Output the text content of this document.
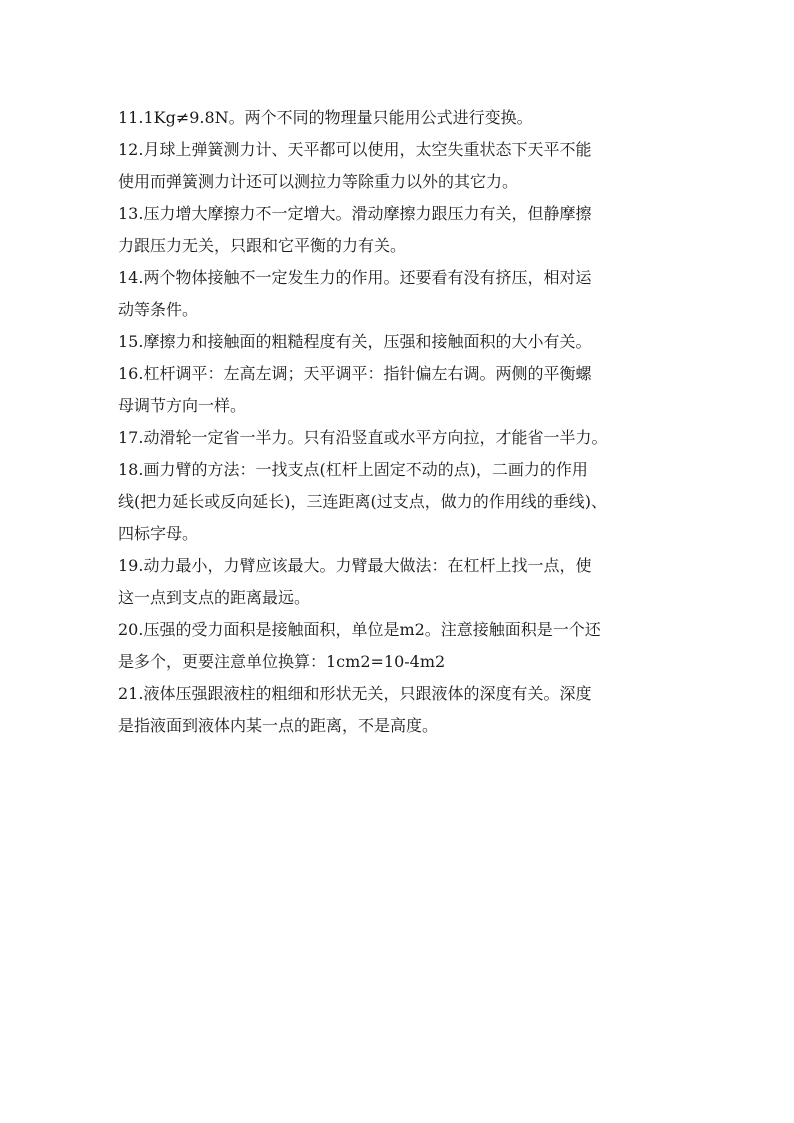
11.1Kg≠9.8N。两个不同的物理量只能用公式进行变换。
12.月球上弹簧测力计、天平都可以使用，太空失重状态下天平不能
使用而弹簧测力计还可以测拉力等除重力以外的其它力。
13.压力增大摩擦力不一定增大。滑动摩擦力跟压力有关，但静摩擦
力跟压力无关，只跟和它平衡的力有关。
14.两个物体接触不一定发生力的作用。还要看有没有挤压，相对运
动等条件。
15.摩擦力和接触面的粗糙程度有关，压强和接触面积的大小有关。
16.杠杆调平：左高左调；天平调平：指针偏左右调。两侧的平衡螺
母调节方向一样。
17.动滑轮一定省一半力。只有沿竖直或水平方向拉，才能省一半力。
18.画力臂的方法：一找支点(杠杆上固定不动的点)，二画力的作用
线(把力延长或反向延长)，三连距离(过支点，做力的作用线的垂线)、
四标字母。
19.动力最小，力臂应该最大。力臂最大做法：在杠杆上找一点，使
这一点到支点的距离最远。
20.压强的受力面积是接触面积，单位是m2。注意接触面积是一个还
是多个，更要注意单位换算：1cm2=10-4m2
21.液体压强跟液柱的粗细和形状无关，只跟液体的深度有关。深度
是指液面到液体内某一点的距离，不是高度。
